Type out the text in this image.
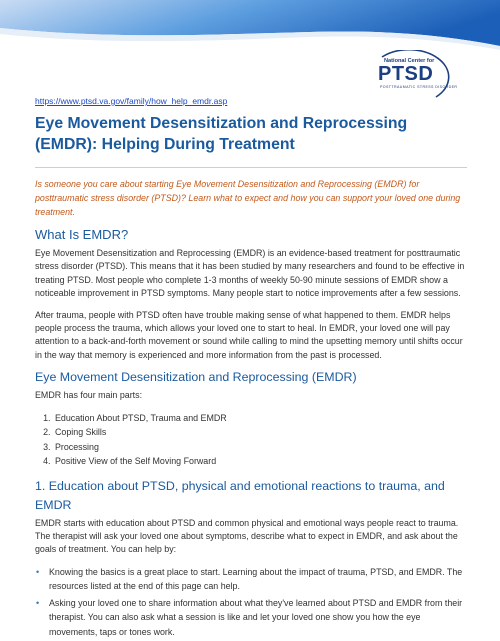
National Center for
PTSD
POSTTRAUMATIC STRESS DISORDER
https://www.ptsd.va.gov/family/how_help_emdr.asp
Eye Movement Desensitization and Reprocessing (EMDR): Helping During Treatment

Is someone you care about starting Eye Movement Desensitization and Reprocessing (EMDR) for posttraumatic stress disorder (PTSD)? Learn what to expect and how you can support your loved one during treatment.

What Is EMDR?

Eye Movement Desensitization and Reprocessing (EMDR) is an evidence-based treatment for posttraumatic stress disorder (PTSD). This means that it has been studied by many researchers and found to be effective in treating PTSD. Most people who complete 1-3 months of weekly 50-90 minute sessions of EMDR show a noticeable improvement in PTSD symptoms. Many people start to notice improvements after a few sessions.

After trauma, people with PTSD often have trouble making sense of what happened to them. EMDR helps people process the trauma, which allows your loved one to start to heal. In EMDR, your loved one will pay attention to a back-and-forth movement or sound while calling to mind the upsetting memory until shifts occur in the way that memory is experienced and more information from the past is processed.

Eye Movement Desensitization and Reprocessing (EMDR)

EMDR has four main parts:

1. Education About PTSD, Trauma and EMDR
2. Coping Skills
3. Processing
4. Positive View of the Self Moving Forward
1. Education about PTSD, physical and emotional reactions to trauma, and EMDR

EMDR starts with education about PTSD and common physical and emotional ways people react to trauma. The therapist will ask your loved one about symptoms, describe what to expect in EMDR, and ask about the goals of treatment. You can help by:

• Knowing the basics is a great place to start. Learning about the impact of trauma, PTSD, and EMDR. The resources listed at the end of this page can help.
• Asking your loved one to share information about what they've learned about PTSD and EMDR from their therapist. You can also ask what a session is like and let your loved one show you how the eye movements, taps or tones work.
